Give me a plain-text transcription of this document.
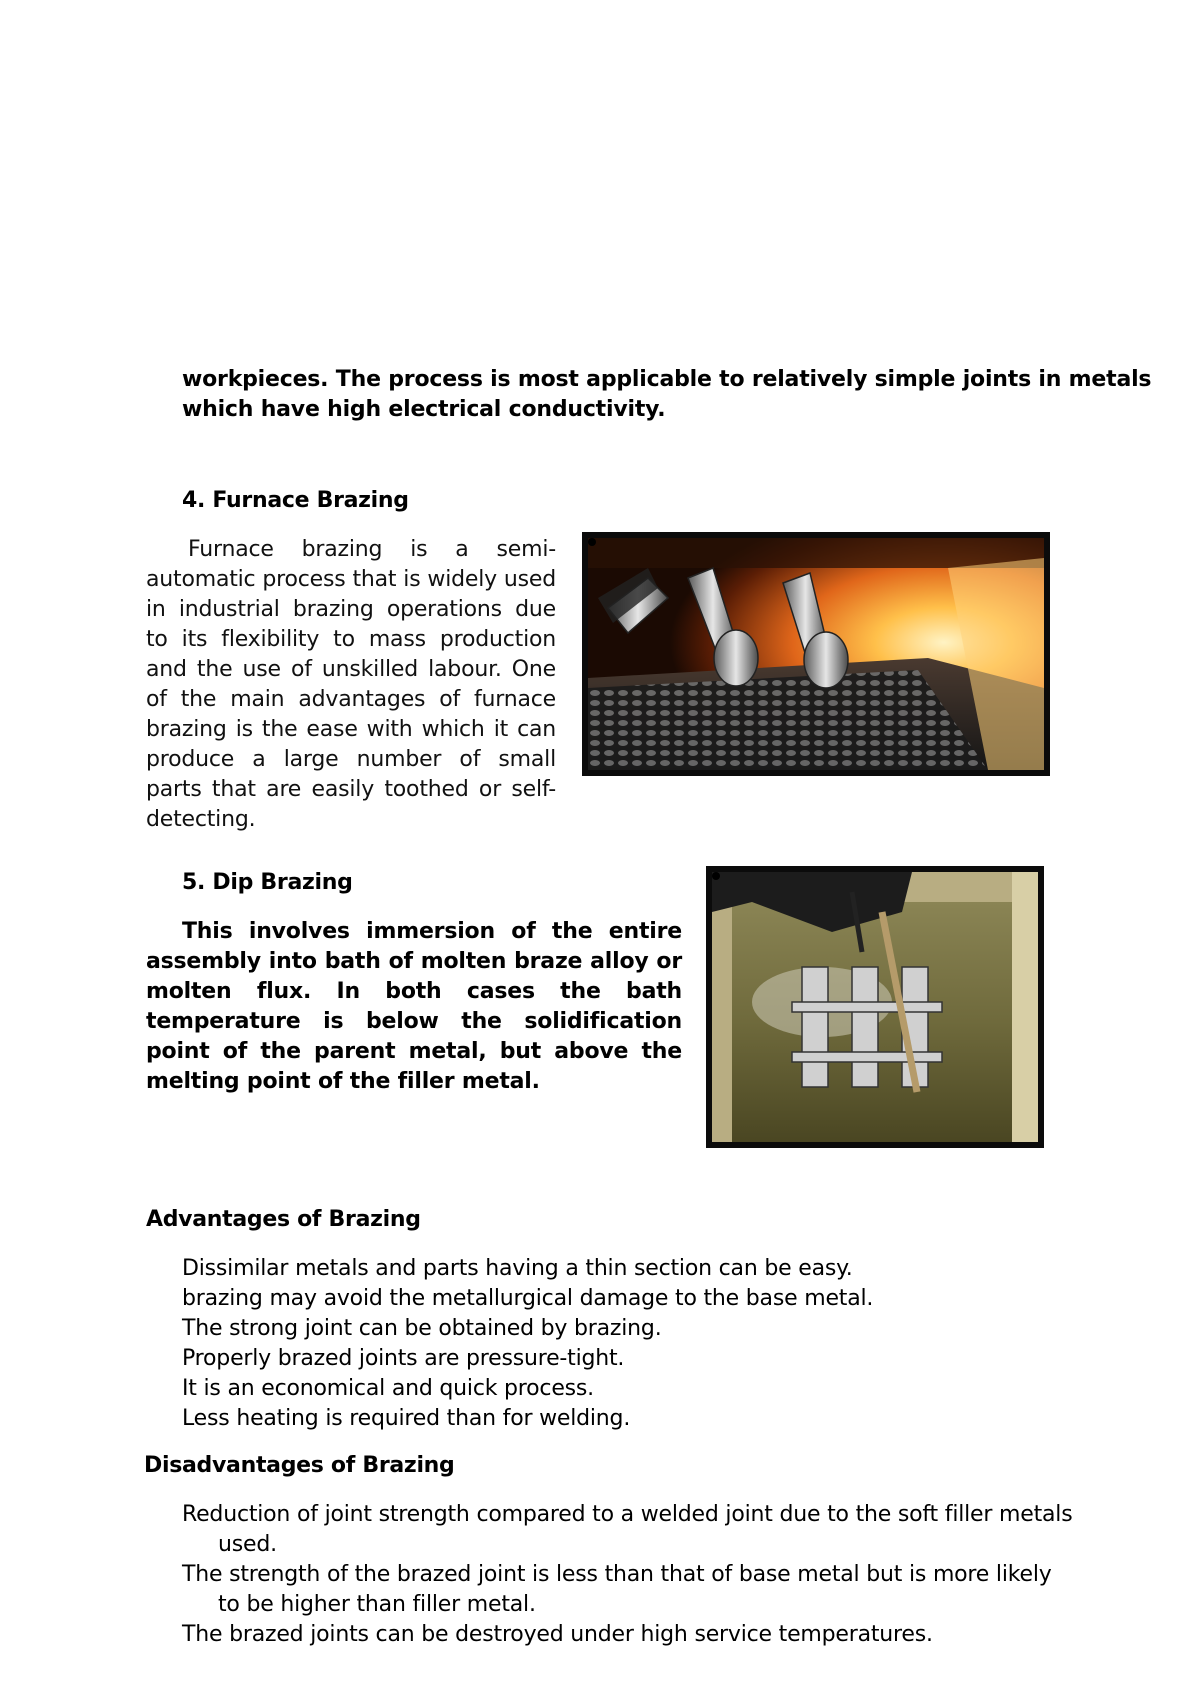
workpieces. The process is most applicable to relatively simple joints in metals
which have high electrical conductivity.
4. Furnace Brazing
Furnace brazing is a semi-automatic process that is widely used in industrial brazing operations due to its flexibility to mass production and the use of unskilled labour. One of the main advantages of furnace brazing is the ease with which it can produce a large number of small parts that are easily toothed or self-detecting.
5. Dip Brazing
This involves immersion of the entire assembly into bath of molten braze alloy or molten flux. In both cases the bath temperature is below the solidification point of the parent metal, but above the melting point of the filler metal.
Advantages of Brazing
Dissimilar metals and parts having a thin section can be easy.
brazing may avoid the metallurgical damage to the base metal.
The strong joint can be obtained by brazing.
Properly brazed joints are pressure-tight.
It is an economical and quick process.
Less heating is required than for welding.
Disadvantages of Brazing
Reduction of joint strength compared to a welded joint due to the soft filler metals used.
The strength of the brazed joint is less than that of base metal but is more likely to be higher than filler metal.
The brazed joints can be destroyed under high service temperatures.
